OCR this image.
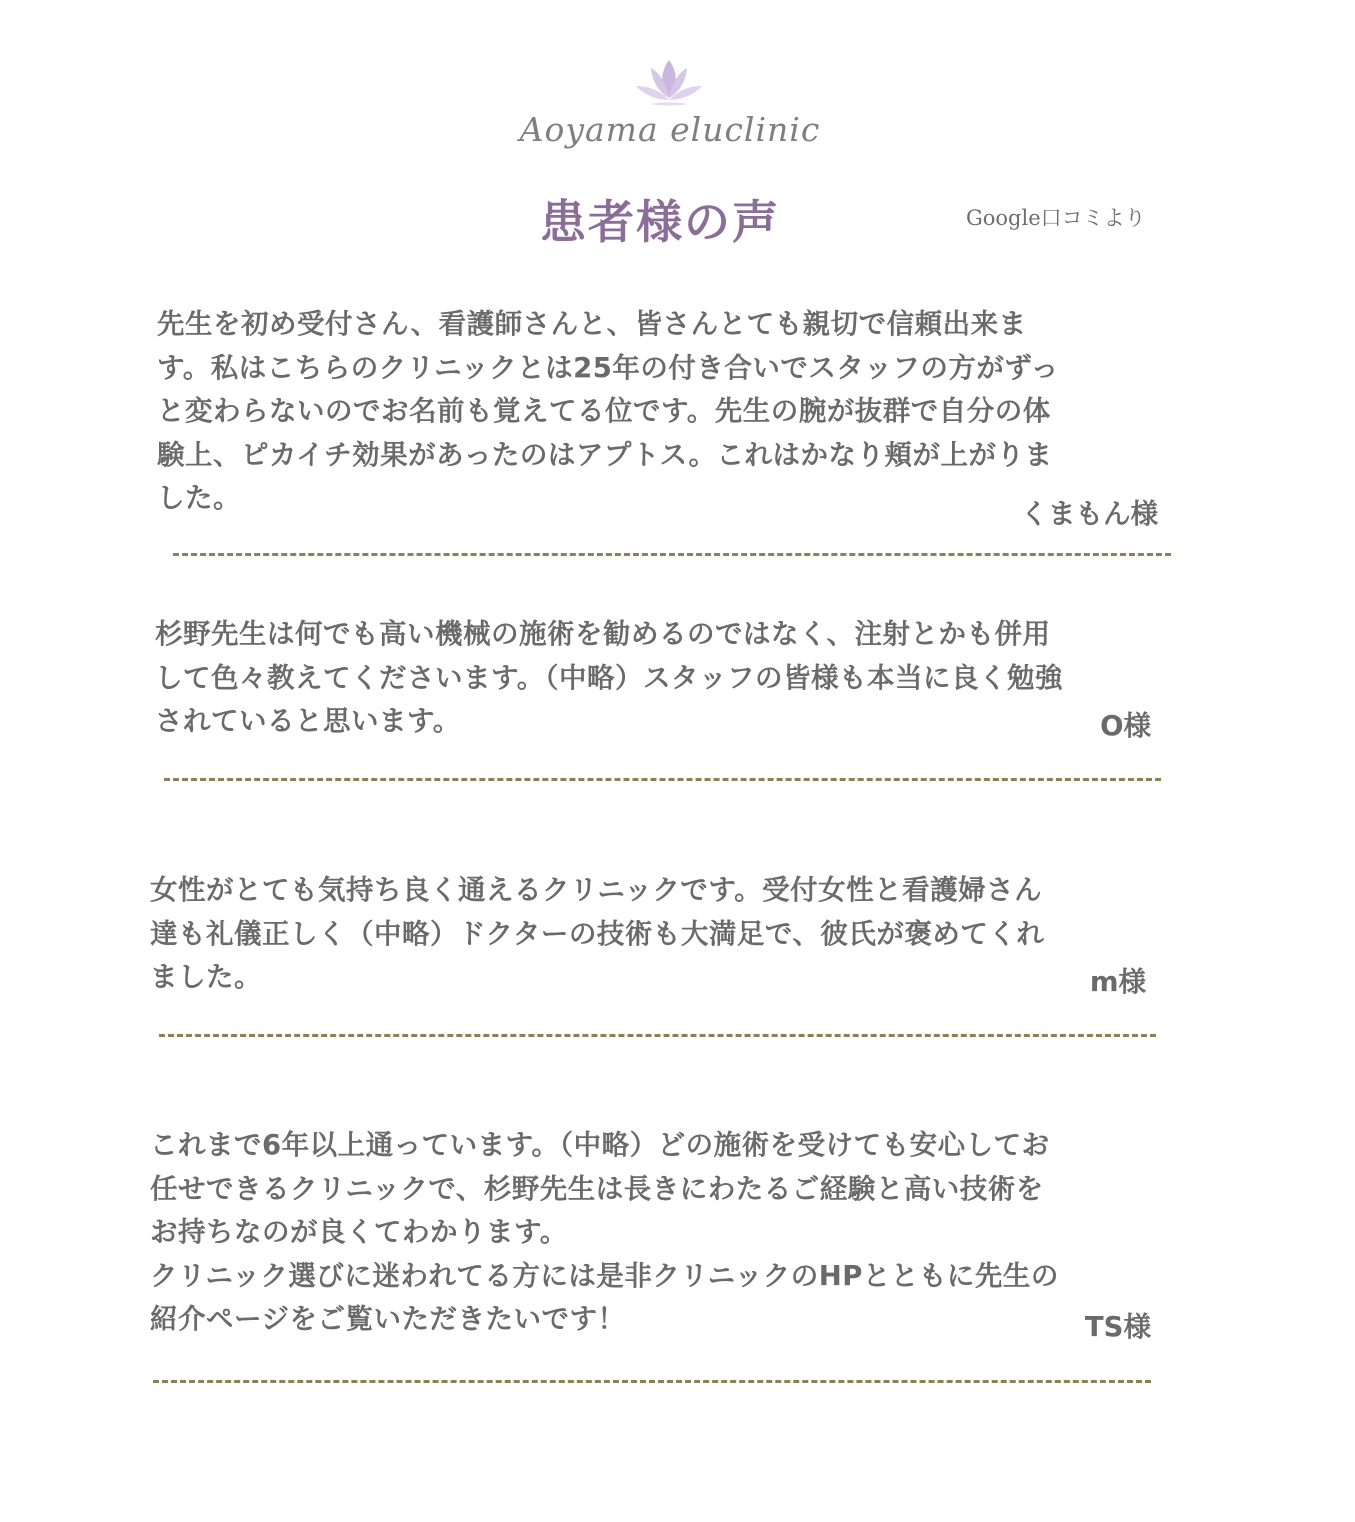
Aoyama eluclinic
患者様の声	Google口コミより

先生を初め受付さん、看護師さんと、皆さんとても親切で信頼出来ま

す。私はこちらのクリニックとは25年の付き合いでスタッフの方がずっ

と変わらないのでお名前も覚えてる位です。先生の腕が抜群で自分の体

験上、ピカイチ効果があったのはアプトス。これはかなり頬が上がりま

した。	くまもん様

杉野先生は何でも高い機械の施術を勧めるのではなく、注射とかも併用

して色々教えてくださいます。（中略）スタッフの皆様も本当に良く勉強

されていると思います。	O様

女性がとても気持ち良く通えるクリニックです。受付女性と看護婦さん

達も礼儀正しく（中略）ドクターの技術も大満足で、彼氏が褒めてくれ

ました。	m様

これまで6年以上通っています。（中略）どの施術を受けても安心してお

任せできるクリニックで、杉野先生は長きにわたるご経験と高い技術を

お持ちなのが良くてわかります。

クリニック選びに迷われてる方には是非クリニックのHPとともに先生の

紹介ページをご覧いただきたいです！	TS様
